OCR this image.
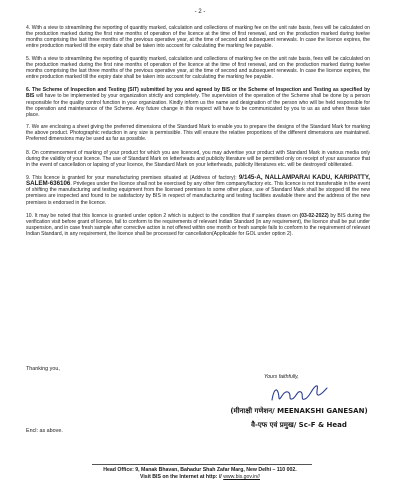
- 2 -

4. With a view to streamlining the reporting of quantity marked, calculation and collections of marking fee on the unit rate basis, fees will be calculated on the production marked during the first nine months of operation of the licence at the time of first renewal, and on the production marked during twelve months comprising the last three months of the previous operative year, at the time of second and subsequent renewals. In case the licence expires, the entire production marked till the expiry date shall be taken into account for calculating the marking fee payable.

5. With a view to streamlining the reporting of quantity marked, calculation and collections of marking fee on the unit rate basis, fees will be calculated on the production marked during the first nine months of operation of the licence at the time of first renewal, and on the production marked during twelve months comprising the last three months of the previous operative year, at the time of second and subsequent renewals. In case the licence expires, the entire production marked till the expiry date shall be taken into account for calculating the marking fee payable.

6. The Scheme of Inspection and Testing (SIT) submitted by you and agreed by BIS or the Scheme of Inspection and Testing as specified by BIS will have to be implemented by your organization strictly and completely. The supervision of the operation of the Scheme shall be done by a person responsible for the quality control function in your organization. Kindly inform us the name and designation of the person who will be held responsible for the operation and maintenance of the Scheme. Any future change in this respect will have to be communicated by you to us as and when these take place.

7. We are enclosing a sheet giving the preferred dimensions of the Standard Mark to enable you to prepare the designs of the Standard Mark for marking the above product. Photographic reduction in any size is permissible. This will ensure the relative proportions of the different dimensions are maintained. Preferred dimensions may be used as far as possible.

8. On commencement of marking of your product for which you are licenced, you may advertise your product with Standard Mark in various media only during the validity of your licence. The use of Standard Mark on letterheads and publicity literature will be permitted only on receipt of your assurance that in the event of cancellation or lapsing of your licence, the Standard Mark on your letterheads, publicity literatures etc. will be destroyed/ obliterated.

9. This licence is granted for your manufacturing premises situated at (Address of factory): 9/145-A, NALLAMPARAI KADU, KARIPATTY, SALEM-636106. Privileges under the licence shall not be exercised by any other firm company/factory etc. This licence is not transferable in the event of shifting the manufacturing and testing equipment from the licensed premises to some other place, use of Standard Mark shall be stopped till the new premises are inspected and found to be satisfactory by BIS in respect of manufacturing and testing facilities available there and the address of the new premises is endorsed in the licence.

10. It may be noted that this licence is granted under option 2 which is subject to the condition that if samples drawn on (03-02-2022) by BIS during the verification visit before grant of licence, fail to conform to the requirements of relevant Indian Standard (in any requirement), the licence shall be put under suspension, and in case fresh sample after corrective action is not offered within one month or fresh sample fails to conform to the requirement of relevant Indian Standard, in any requirement, the licence shall be processed for cancellation(Applicable for GOL under option 2).

Thanking you,
Yours faithfully,
(मीनाक्षी गणेशन/ MEENAKSHI GANESAN)
वै-एफ एवं प्रमुख/ Sc-F & Head
Encl: as above.
Head Office: 9, Manak Bhavan, Bahadur Shah Zafar Marg, New Delhi – 110 002.
Visit BIS on the Internet at http: // www.bis.gov.in//
